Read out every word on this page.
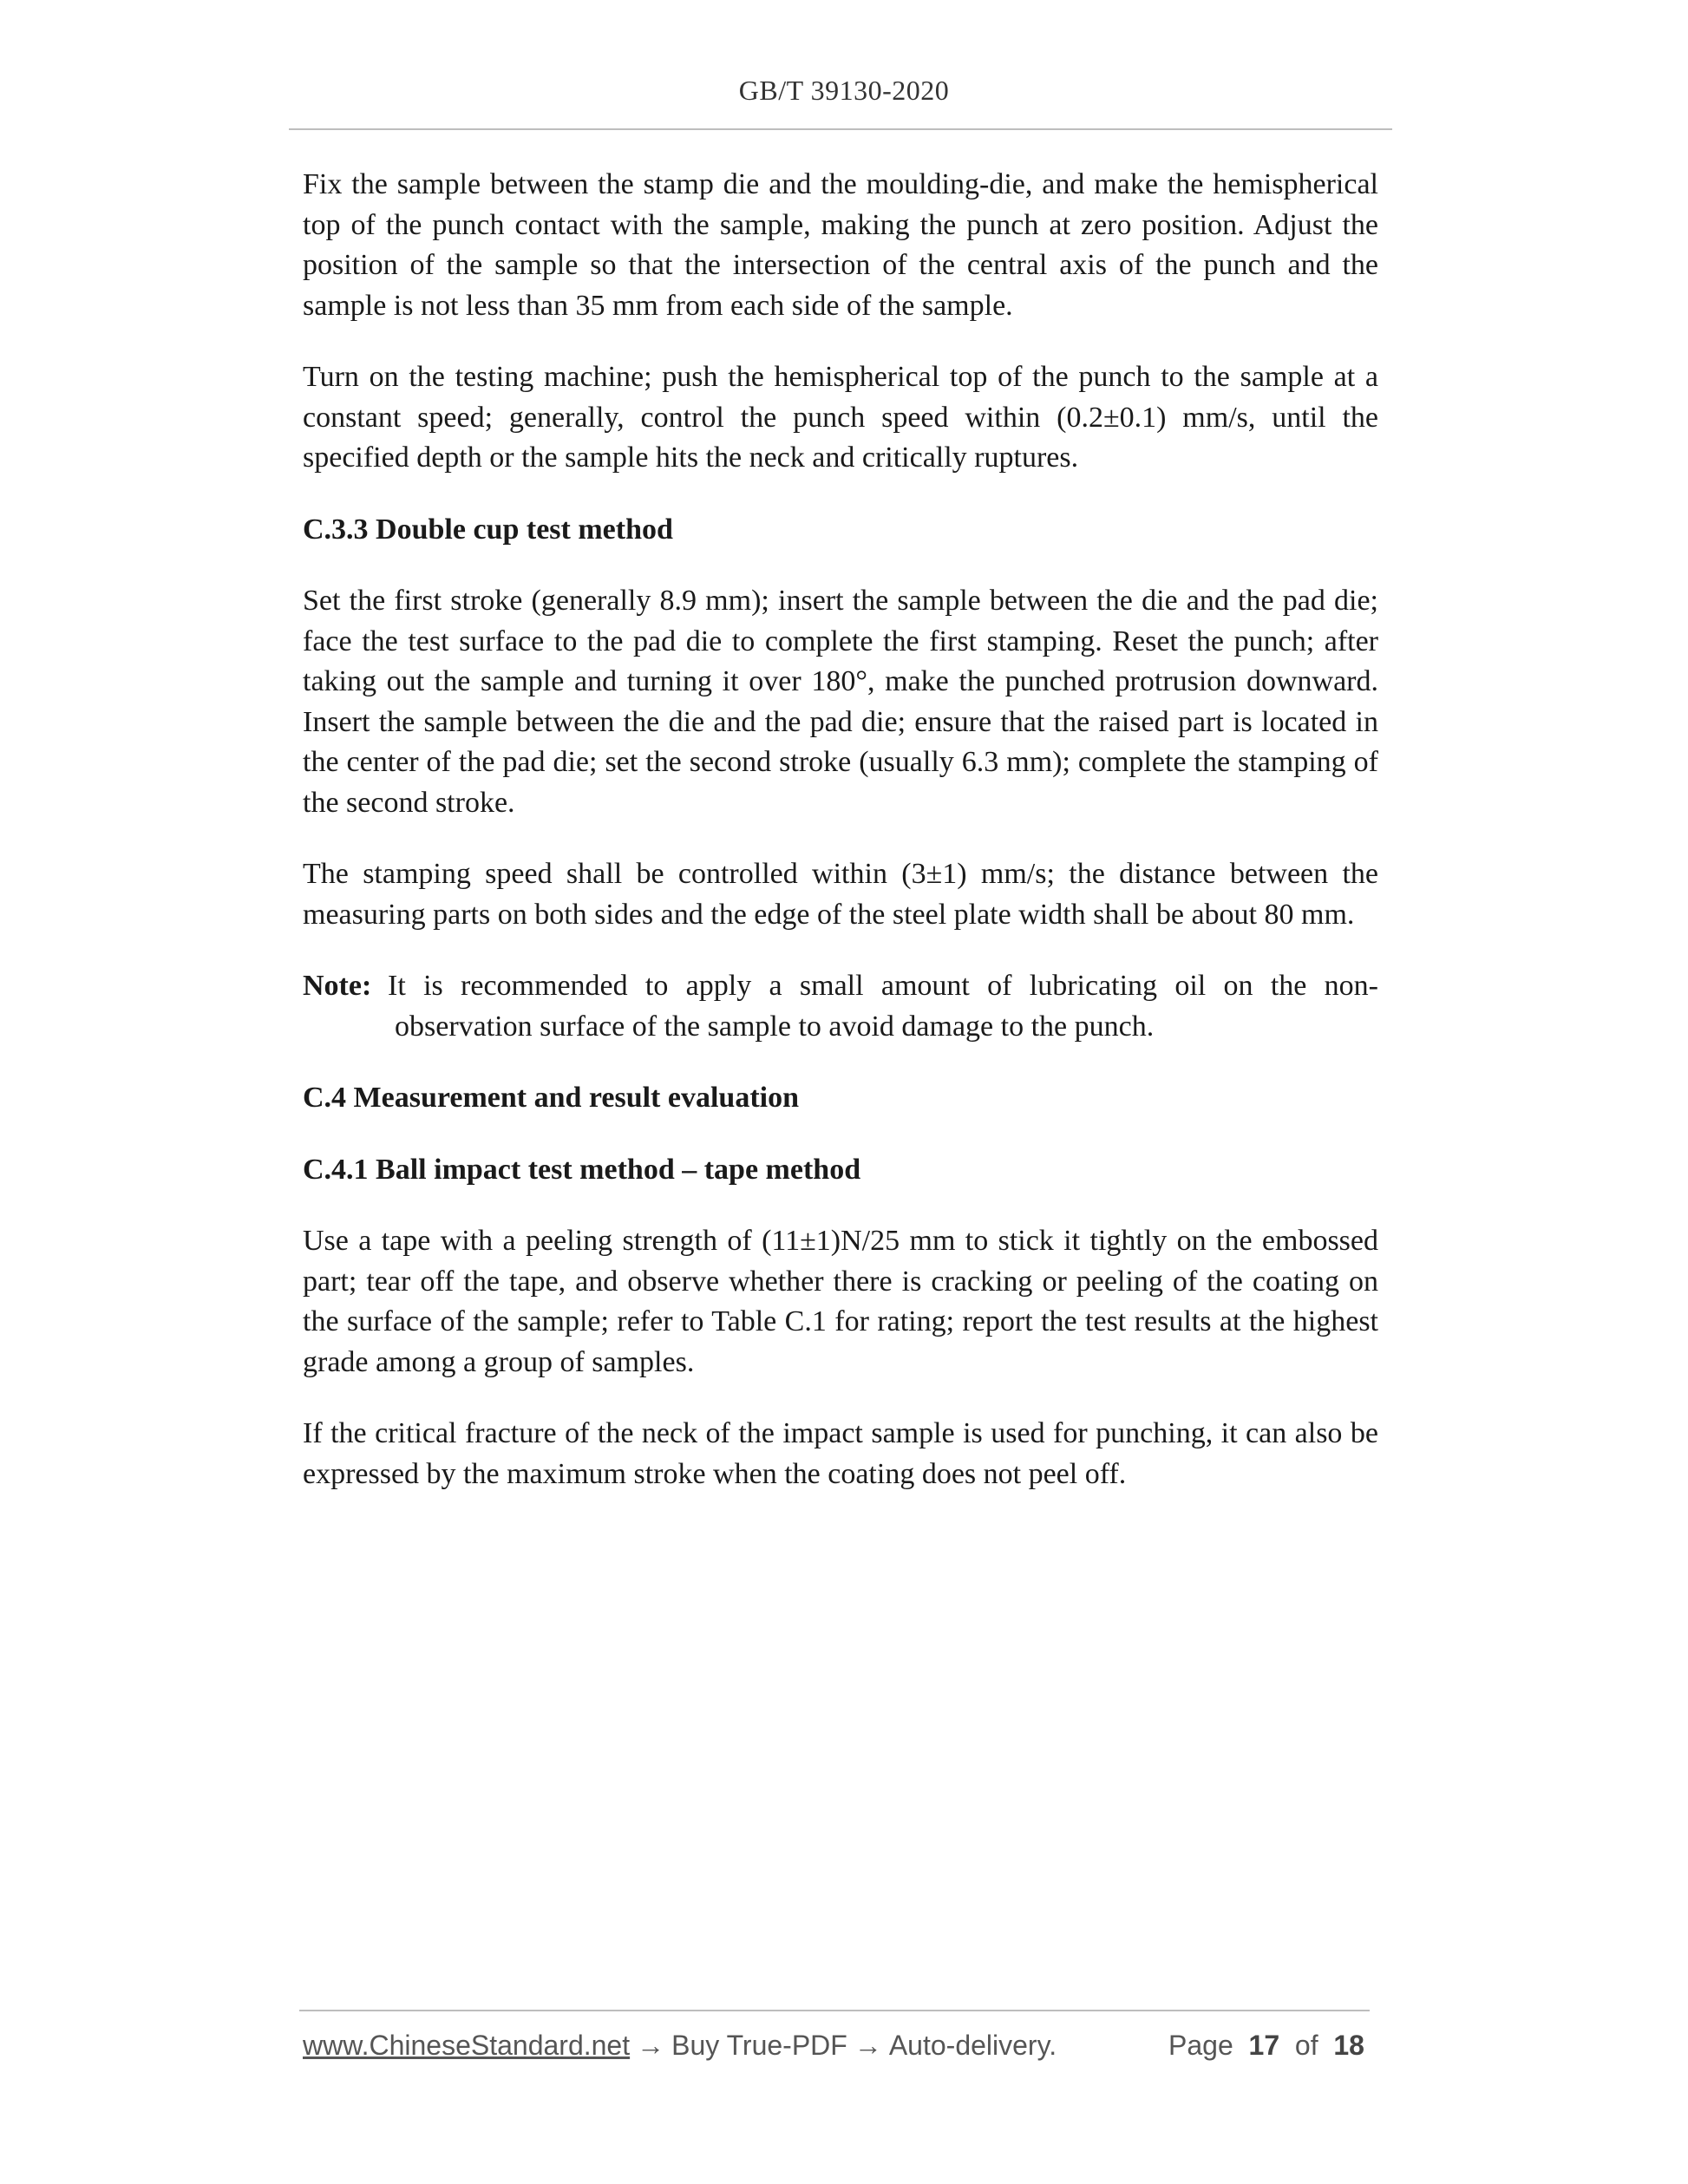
GB/T 39130-2020

Fix the sample between the stamp die and the moulding-die, and make the hemispherical top of the punch contact with the sample, making the punch at zero position. Adjust the position of the sample so that the intersection of the central axis of the punch and the sample is not less than 35 mm from each side of the sample.

Turn on the testing machine; push the hemispherical top of the punch to the sample at a constant speed; generally, control the punch speed within (0.2±0.1) mm/s, until the specified depth or the sample hits the neck and critically ruptures.

C.3.3 Double cup test method

Set the first stroke (generally 8.9 mm); insert the sample between the die and the pad die; face the test surface to the pad die to complete the first stamping. Reset the punch; after taking out the sample and turning it over 180°, make the punched protrusion downward. Insert the sample between the die and the pad die; ensure that the raised part is located in the center of the pad die; set the second stroke (usually 6.3 mm); complete the stamping of the second stroke.

The stamping speed shall be controlled within (3±1) mm/s; the distance between the measuring parts on both sides and the edge of the steel plate width shall be about 80 mm.

Note: It is recommended to apply a small amount of lubricating oil on the non-observation surface of the sample to avoid damage to the punch.

C.4 Measurement and result evaluation
C.4.1 Ball impact test method – tape method

Use a tape with a peeling strength of (11±1)N/25 mm to stick it tightly on the embossed part; tear off the tape, and observe whether there is cracking or peeling of the coating on the surface of the sample; refer to Table C.1 for rating; report the test results at the highest grade among a group of samples.

If the critical fracture of the neck of the impact sample is used for punching, it can also be expressed by the maximum stroke when the coating does not peel off.

www.ChineseStandard.net → Buy True-PDF → Auto-delivery.	Page 17 of 18
